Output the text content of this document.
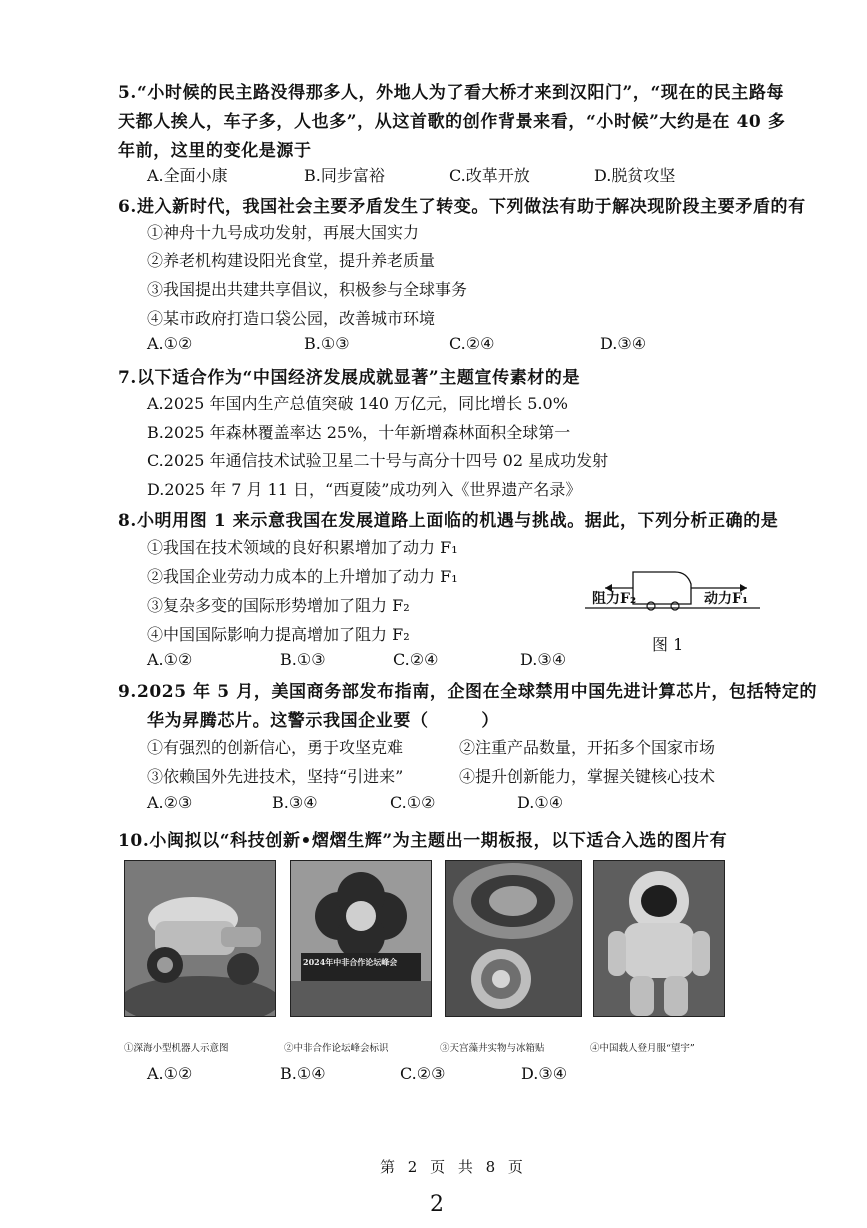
5.“小时候的民主路没得那多人，外地人为了看大桥才来到汉阳门”，“现在的民主路每
天都人挨人，车子多，人也多”，从这首歌的创作背景来看，“小时候”大约是在 40 多
年前，这里的变化是源于
A.全面小康	B.同步富裕	C.改革开放	D.脱贫攻坚
6.进入新时代，我国社会主要矛盾发生了转变。下列做法有助于解决现阶段主要矛盾的有
①神舟十九号成功发射，再展大国实力
②养老机构建设阳光食堂，提升养老质量
③我国提出共建共享倡议，积极参与全球事务
④某市政府打造口袋公园，改善城市环境
A.①②	B.①③	C.②④	D.③④
7.以下适合作为“中国经济发展成就显著”主题宣传素材的是
A.2025 年国内生产总值突破 140 万亿元，同比增长 5.0%
B.2025 年森林覆盖率达 25%，十年新增森林面积全球第一
C.2025 年通信技术试验卫星二十号与高分十四号 02 星成功发射
D.2025 年 7 月 11 日，“西夏陵”成功列入《世界遗产名录》
8.小明用图 1 来示意我国在发展道路上面临的机遇与挑战。据此，下列分析正确的是
①我国在技术领域的良好积累增加了动力 F₁
②我国企业劳动力成本的上升增加了动力 F₁
③复杂多变的国际形势增加了阻力 F₂
④中国国际影响力提高增加了阻力 F₂
A.①②	B.①③	C.②④	D.③④
阻力F₂	动力F₁
图 1
9.2025 年 5 月，美国商务部发布指南，企图在全球禁用中国先进计算芯片，包括特定的
华为昇腾芯片。这警示我国企业要（　　　）
①有强烈的创新信心，勇于攻坚克难	②注重产品数量，开拓多个国家市场
③依赖国外先进技术，坚持“引进来”	④提升创新能力，掌握关键核心技术
A.②③	B.③④	C.①②	D.①④
10.小闽拟以“科技创新•熠熠生辉”为主题出一期板报，以下适合入选的图片有
①深海小型机器人示意图
2024年中非合作论坛峰会
②中非合作论坛峰会标识	③天宫藻井实物与冰箱贴	④中国载人登月服“望宇”
A.①②	B.①④	C.②③	D.③④
第 2 页 共 8 页
2
